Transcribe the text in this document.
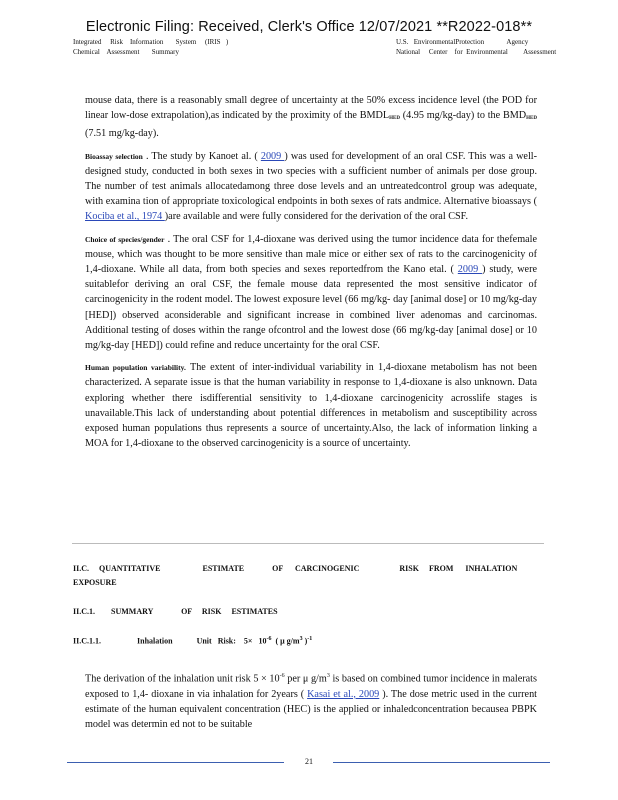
Electronic Filing: Received, Clerk's Office 12/07/2021 **R2022-018**
Integrated     Risk    Information       System     (IRIS   )
Chemical    Assessment       Summary
U.S.   EnvironmentalProtection             Agency
National     Center    for  Environmental         Assessment

mouse data, there is a reasonably small degree of uncertainty at the 50% excess incidence level (the POD for linear low-dose extrapolation),as indicated by the proximity of the $BMDL_{HED}$ (4.95 mg/kg-day) to the $BMD_{HED}$ (7.51 mg/kg-day).

Bioassay selection . The study by Kanoet al. ( 2009 ) was used for development of an oral CSF. This was a well-designed study, conducted in both sexes in two species with a sufficient number of animals per dose group. The number of test animals allocatedamong three dose levels and an untreatedcontrol group was adequate, with examina tion of appropriate toxicological endpoints in both sexes of rats andmice. Alternative bioassays ( Kociba et al., 1974 )are available and were fully considered for the derivation of the oral CSF.

Choice of species/gender . The oral CSF for 1,4-dioxane was derived using the tumor incidence data for thefemale mouse, which was thought to be more sensitive than male mice or either sex of rats to the carcinogenicity of 1,4-dioxane. While all data, from both species and sexes reportedfrom the Kano etal. ( 2009 ) study, were suitablefor deriving an oral CSF, the female mouse data represented the most sensitive indicator of carcinogenicity in the rodent model. The lowest exposure level (66 mg/kg- day [animal dose] or 10 mg/kg-day [HED]) observed aconsiderable and significant increase in combined liver adenomas and carcinomas. Additional testing of doses within the range ofcontrol and the lowest dose (66 mg/kg-day [animal dose] or 10 mg/kg-day [HED]) could refine and reduce uncertainty for the oral CSF.

Human population variability. The extent of inter-individual variability in 1,4-dioxane metabolism has not been characterized. A separate issue is that the human variability in response to 1,4-dioxane is also unknown. Data exploring whether there isdifferential sensitivity to 1,4-dioxane carcinogenicity acrosslife stages is unavailable.This lack of understanding about potential differences in metabolism and susceptibility across exposed human populations thus represents a source of uncertainty.Also, the lack of information linking a MOA for 1,4-dioxane to the observed carcinogenicity is a source of uncertainty.

II.C.     QUANTITATIVE                     ESTIMATE              OF      CARCINOGENIC                    RISK     FROM      INHALATION
EXPOSURE
II.C.1.        SUMMARY              OF     RISK     ESTIMATES
II.C.1.1.                  Inhalation            Unit   Risk:    $5\times 10^{-6}$  ( μ $g/m^3$ )$^{-1}$

The derivation of the inhalation unit risk $5 \times 10^{-6}$ per μ $g/m^3$ is based on combined tumor incidence in malerats exposed to 1,4- dioxane in via inhalation for 2years ( Kasai et al., 2009 ). The dose metric used in the current estimate of the human equivalent concentration (HEC) is the applied or inhaledconcentration becausea PBPK model was determin ed not to be suitable

21
